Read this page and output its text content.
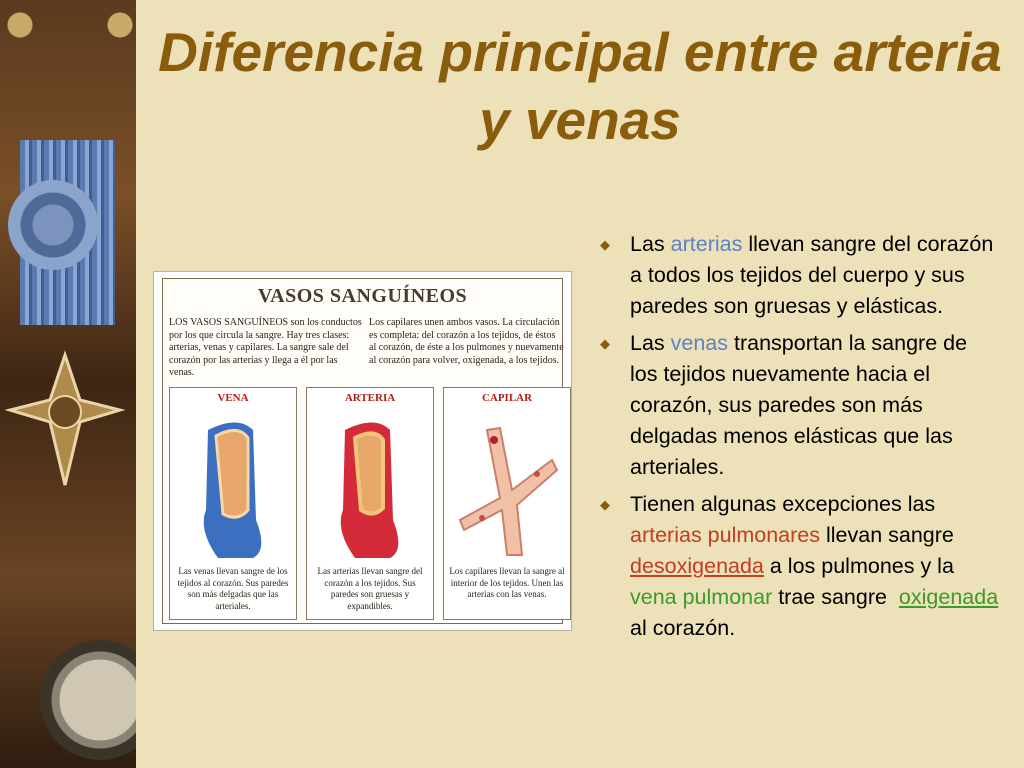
Diferencia principal entre arteria y venas
VASOS SANGUÍNEOS
LOS VASOS SANGUÍNEOS son los conductos por los que circula la sangre. Hay tres clases: arterias, venas y capilares. La sangre sale del corazón por las arterias y llega a él por las venas.
Los capilares unen ambos vasos. La circulación es completa: del corazón a los tejidos, de éstos al corazón, de éste a los pulmones y nuevamente al corazón para volver, oxigenada, a los tejidos.
VENA
Las venas llevan sangre de los tejidos al corazón. Sus paredes son más delgadas que las arteriales.
ARTERIA
Las arterias llevan sangre del corazón a los tejidos. Sus paredes son gruesas y expandibles.
CAPILAR
Los capilares llevan la sangre al interior de los tejidos. Unen las arterias con las venas.
◆ Las arterias llevan sangre del corazón a todos los tejidos del cuerpo y sus paredes son gruesas y elásticas.
◆ Las venas transportan la sangre de los tejidos nuevamente hacia el corazón, sus paredes son más delgadas menos elásticas que las arteriales.
◆ Tienen algunas excepciones las arterias pulmonares llevan sangre desoxigenada a los pulmones y la vena pulmonar trae sangre  oxigenada al corazón.
